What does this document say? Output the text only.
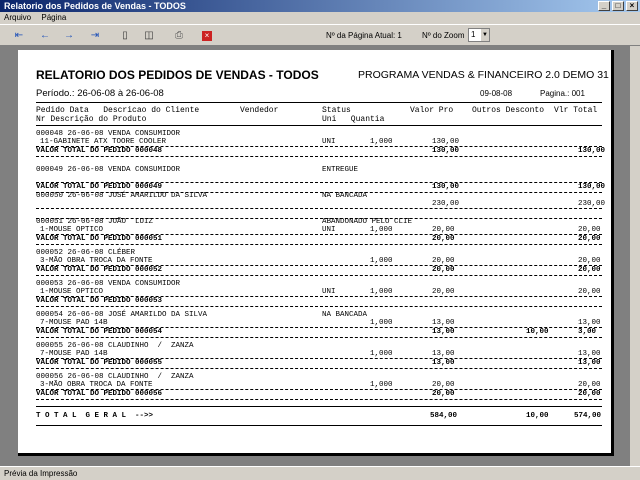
Relatorio dos Pedidos de Vendas - TODOS	_	□	×
Arquivo Página
⇤ ← → ⇥	▯	◫	⎙	×	Nº da Página Atual: 1	Nº do Zoom 1 ▼
RELATORIO DOS PEDIDOS DE VENDAS - TODOS	PROGRAMA VENDAS & FINANCEIRO 2.0 DEMO 31
Período.: 26-06-08 à 26-06-08	09-08-08	Pagina.: 001
Pedido Data   Descricao do Cliente	Vendedor	Status	Valor Pro Outros Desconto Vlr Total
Nr Descrição do Produto	Uni   Quantia
000048 26-06-08 VENDA CONSUMIDOR
11-GABINETE ATX TOORE COOLER	UNI	1,000	130,00
VALOR TOTAL DO PEDIDO 000048	130,00	130,00
000049 26-06-08 VENDA CONSUMIDOR	ENTREGUE
VALOR TOTAL DO PEDIDO 000049	130,00	130,00
000050 26-06-08 JOSÉ AMARILDO DA SILVA	NA BANCADA
230,00	230,00
000051 26-06-08 JOÃO  LUIZ	ABANDONADO PELO CLIE
1-MOUSE OPTICO	UNI	1,000	20,00	20,00
VALOR TOTAL DO PEDIDO 000051	20,00	20,00
000052 26-06-08 CLÉBER
3-MÃO OBRA TROCA DA FONTE	1,000	20,00	20,00
VALOR TOTAL DO PEDIDO 000052	20,00	20,00
000053 26-06-08 VENDA CONSUMIDOR
1-MOUSE OPTICO	UNI	1,000	20,00	20,00
VALOR TOTAL DO PEDIDO 000053
000054 26-06-08 JOSÉ AMARILDO DA SILVA	NA BANCADA
7-MOUSE PAD 14B	1,000	13,00	13,00
VALOR TOTAL DO PEDIDO 000054	13,00	10,00	3,00
000055 26-06-08 CLAUDINHO  /  ZANZA
7-MOUSE PAD 14B	1,000	13,00	13,00
VALOR TOTAL DO PEDIDO 000055	13,00	13,00
000056 26-06-08 CLAUDINHO  /  ZANZA
3-MÃO OBRA TROCA DA FONTE	1,000	20,00	20,00
VALOR TOTAL DO PEDIDO 000056	20,00	20,00
T O T A L  G E R A L  -->>	584,00	10,00	574,00
Prévia da Impressão
